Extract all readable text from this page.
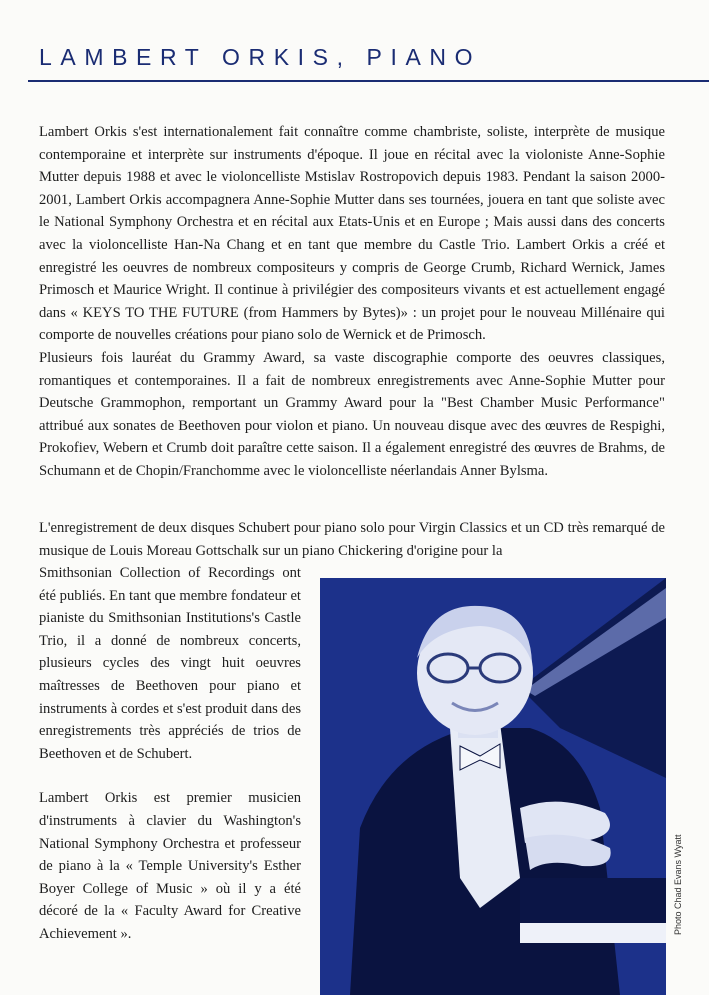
LAMBERT ORKIS, PIANO

Lambert Orkis s'est internationalement fait connaître comme chambriste, soliste, interprète de musique contemporaine et interprète sur instruments d'époque. Il joue en récital avec la violoniste Anne-Sophie Mutter depuis 1988 et avec le violoncelliste Mstislav Rostropovich depuis 1983. Pendant la saison 2000-2001, Lambert Orkis accompagnera Anne-Sophie Mutter dans ses tournées, jouera en tant que soliste avec le National Symphony Orchestra et en récital aux Etats-Unis et en Europe ; Mais aussi dans des concerts avec la violoncelliste Han-Na Chang et en tant que membre du Castle Trio. Lambert Orkis a créé et enregistré les oeuvres de nombreux compositeurs y compris de George Crumb, Richard Wernick, James Primosch et Maurice Wright. Il continue à privilégier des compositeurs vivants et est actuellement engagé dans « KEYS TO THE FUTURE (from Hammers by Bytes)» : un projet pour le nouveau Millénaire qui comporte de nouvelles créations pour piano solo de Wernick et de Primosch.

Plusieurs fois lauréat du Grammy Award, sa vaste discographie comporte des oeuvres classiques, romantiques et contemporaines. Il a fait de nombreux enregistrements avec Anne-Sophie Mutter pour Deutsche Grammophon, remportant un Grammy Award pour la "Best Chamber Music Performance" attribué aux sonates de Beethoven pour violon et piano. Un nouveau disque avec des œuvres de Respighi, Prokofiev, Webern et Crumb doit paraître cette saison. Il a également enregistré des œuvres de Brahms, de Schumann et de Chopin/Franchomme avec le violoncelliste néerlandais Anner Bylsma.

L'enregistrement de deux disques Schubert pour piano solo pour Virgin Classics et un CD très remarqué de musique de Louis Moreau Gottschalk sur un piano Chickering d'origine pour la

Smithsonian Collection of Recordings ont été publiés. En tant que membre fondateur et pianiste du Smithsonian Institutions's Castle Trio, il a donné de nombreux concerts, plusieurs cycles des vingt huit oeuvres maîtresses de Beethoven pour piano et instruments à cordes et s'est produit dans des enregistrements très appréciés de trios de Beethoven et de Schubert.

Lambert Orkis est premier musicien d'instruments à clavier du Washington's National Symphony Orchestra et professeur de piano à la « Temple University's Esther Boyer College of Music » où il y a été décoré de la « Faculty Award for Creative Achievement ».	Photo Chad Evans Wyatt
